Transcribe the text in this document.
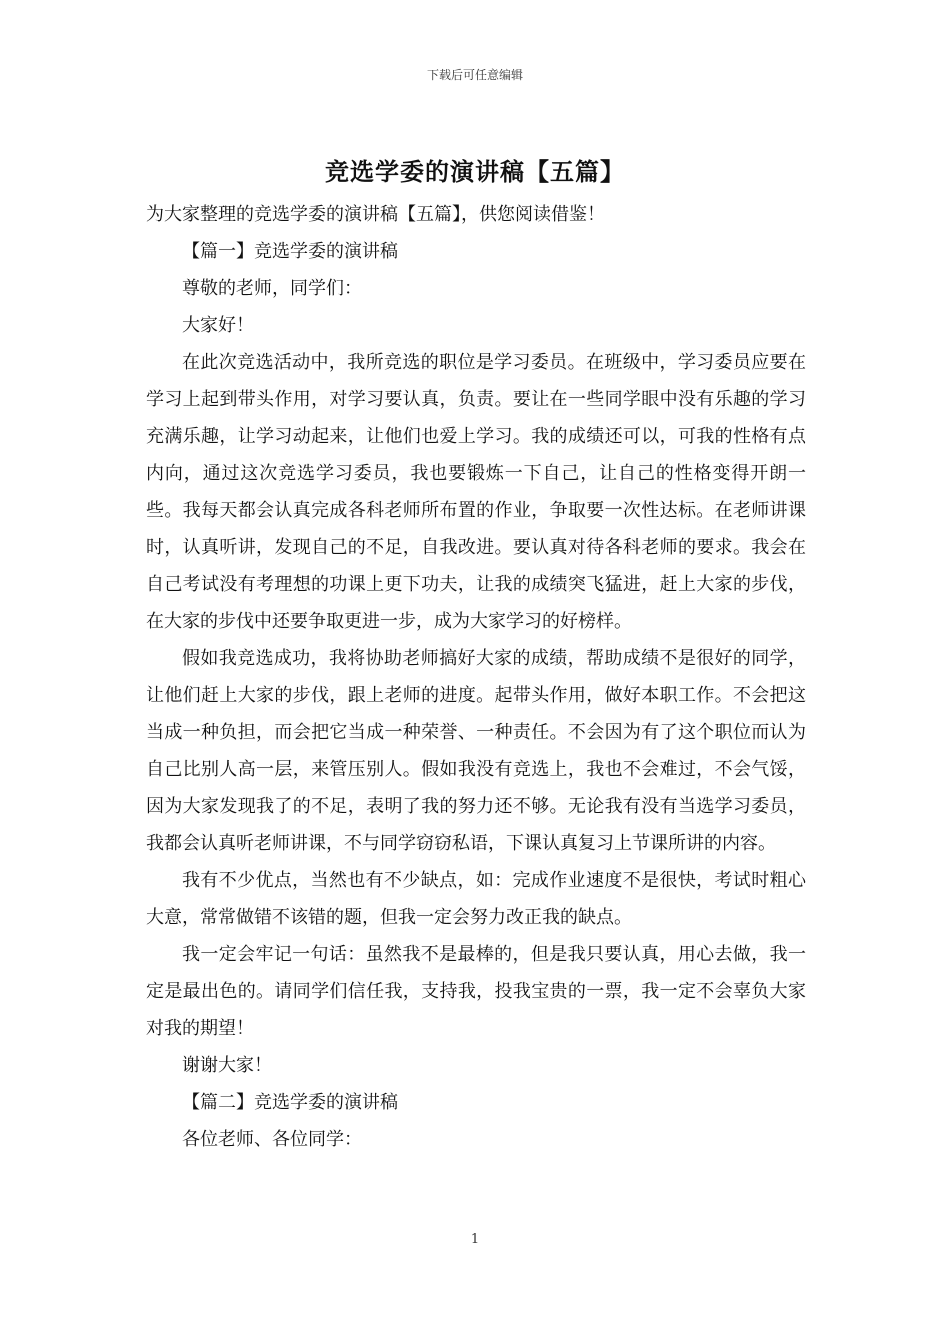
下载后可任意编辑
竞选学委的演讲稿【五篇】
为大家整理的竞选学委的演讲稿【五篇】，供您阅读借鉴！
【篇一】竞选学委的演讲稿
尊敬的老师，同学们：
大家好！

在此次竞选活动中，我所竞选的职位是学习委员。在班级中，学习委员应要在学习上起到带头作用，对学习要认真，负责。要让在一些同学眼中没有乐趣的学习充满乐趣，让学习动起来，让他们也爱上学习。我的成绩还可以，可我的性格有点内向，通过这次竞选学习委员，我也要锻炼一下自己，让自己的性格变得开朗一些。我每天都会认真完成各科老师所布置的作业，争取要一次性达标。在老师讲课时，认真听讲，发现自己的不足，自我改进。要认真对待各科老师的要求。我会在自己考试没有考理想的功课上更下功夫，让我的成绩突飞猛进，赶上大家的步伐，在大家的步伐中还要争取更进一步，成为大家学习的好榜样。

假如我竞选成功，我将协助老师搞好大家的成绩，帮助成绩不是很好的同学，让他们赶上大家的步伐，跟上老师的进度。起带头作用，做好本职工作。不会把这当成一种负担，而会把它当成一种荣誉、一种责任。不会因为有了这个职位而认为自己比别人高一层，来管压别人。假如我没有竞选上，我也不会难过，不会气馁，因为大家发现我了的不足，表明了我的努力还不够。无论我有没有当选学习委员，我都会认真听老师讲课，不与同学窃窃私语，下课认真复习上节课所讲的内容。

我有不少优点，当然也有不少缺点，如：完成作业速度不是很快，考试时粗心大意，常常做错不该错的题，但我一定会努力改正我的缺点。

我一定会牢记一句话：虽然我不是最棒的，但是我只要认真，用心去做，我一定是最出色的。请同学们信任我，支持我，投我宝贵的一票，我一定不会辜负大家对我的期望！

谢谢大家！
【篇二】竞选学委的演讲稿
各位老师、各位同学：
1
